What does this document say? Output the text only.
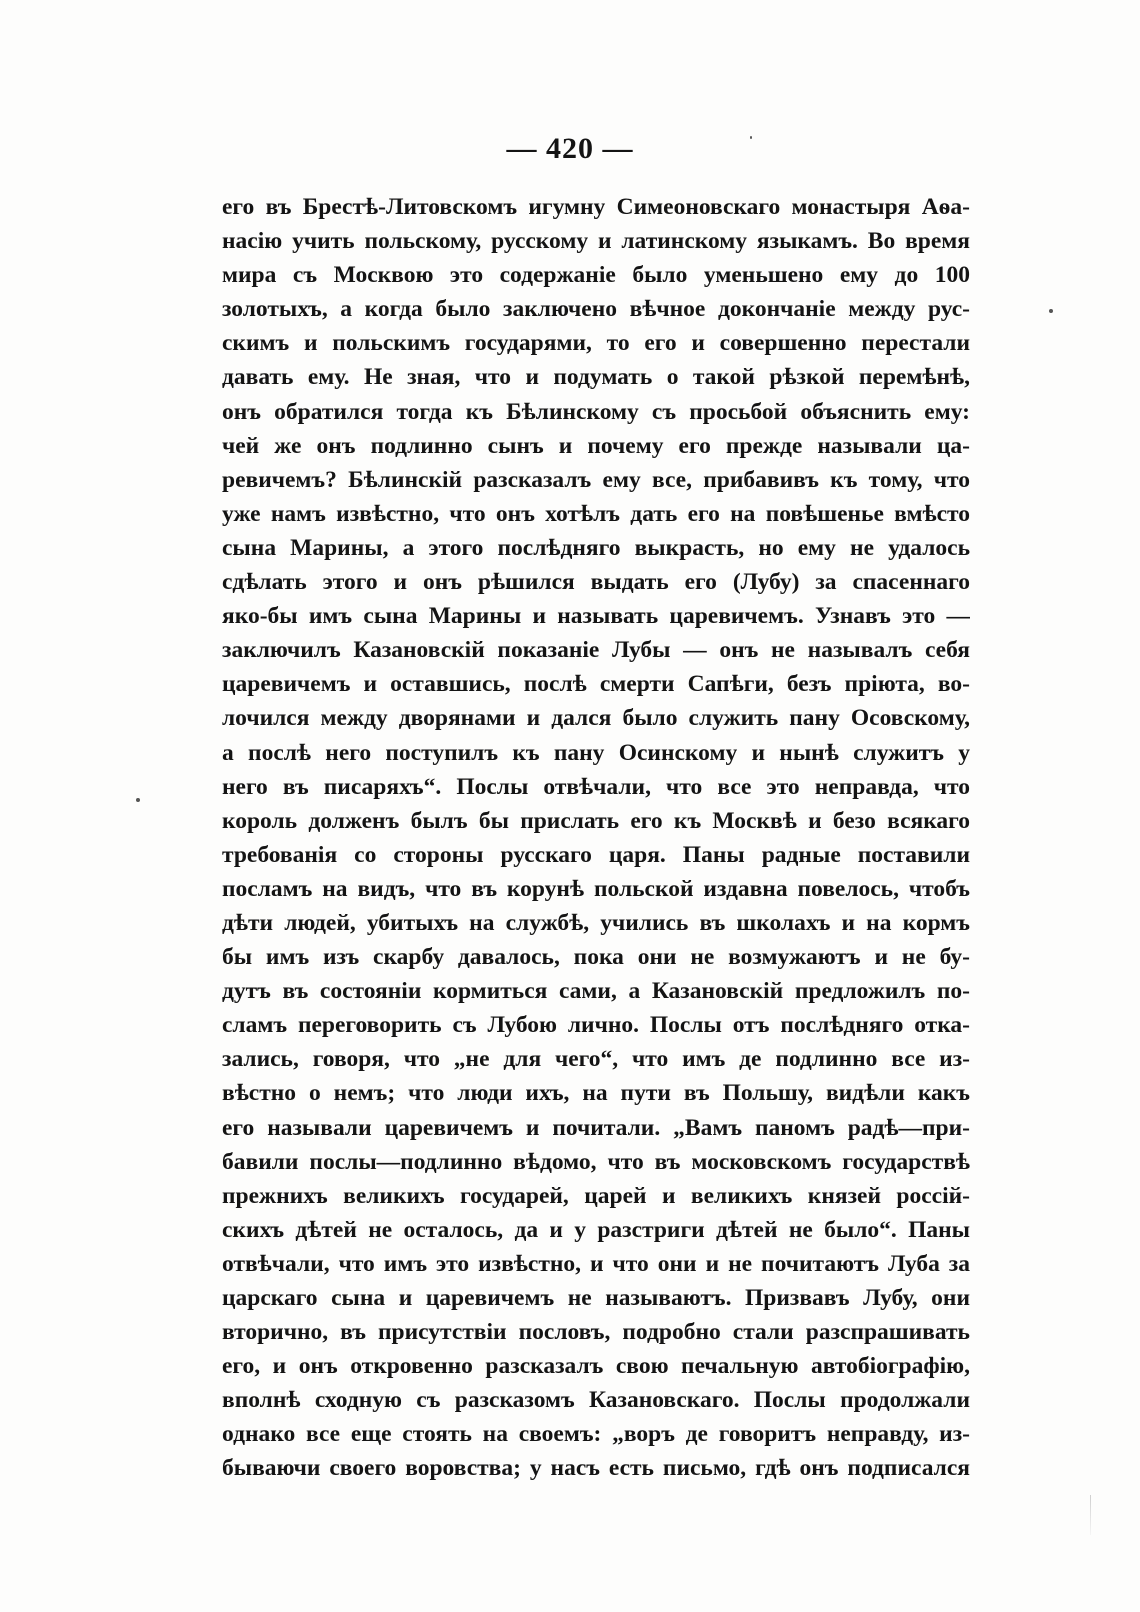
— 420 —
его въ Брестѣ-Литовскомъ игумну Симеоновскаго монастыря Аѳа-
насію учить польскому, русскому и латинскому языкамъ. Во время
мира съ Москвою это содержаніе было уменьшено ему до 100
золотыхъ, а когда было заключено вѣчное докончаніе между рус-
скимъ и польскимъ государями, то его и совершенно перестали
давать ему. Не зная, что и подумать о такой рѣзкой перемѣнѣ,
онъ обратился тогда къ Бѣлинскому съ просьбой объяснить ему:
чей же онъ подлинно сынъ и почему его прежде называли ца-
ревичемъ? Бѣлинскій разсказалъ ему все, прибавивъ къ тому, что
уже намъ извѣстно, что онъ хотѣлъ дать его на повѣшенье вмѣсто
сына Марины, а этого послѣдняго выкрасть, но ему не удалось
сдѣлать этого и онъ рѣшился выдать его (Лубу) за спасеннаго
яко-бы имъ сына Марины и называть царевичемъ. Узнавъ это —
заключилъ Казановскій показаніе Лубы — онъ не называлъ себя
царевичемъ и оставшись, послѣ смерти Сапѣги, безъ пріюта, во-
лочился между дворянами и дался было служить пану Осовскому,
а послѣ него поступилъ къ пану Осинскому и нынѣ служитъ у
него въ писаряхъ“. Послы отвѣчали, что все это неправда, что
король долженъ былъ бы прислать его къ Москвѣ и безо всякаго
требованія со стороны русскаго царя. Паны радные поставили
посламъ на видъ, что въ корунѣ польской издавна повелось, чтобъ
дѣти людей, убитыхъ на службѣ, учились въ школахъ и на кормъ
бы имъ изъ скарбу давалось, пока они не возмужаютъ и не бу-
дутъ въ состояніи кормиться сами, а Казановскій предложилъ по-
сламъ переговорить съ Лубою лично. Послы отъ послѣдняго отка-
зались, говоря, что „не для чего“, что имъ де подлинно все из-
вѣстно о немъ; что люди ихъ, на пути въ Польшу, видѣли какъ
его называли царевичемъ и почитали. „Вамъ паномъ радѣ—при-
бавили послы—подлинно вѣдомо, что въ московскомъ государствѣ
прежнихъ великихъ государей, царей и великихъ князей россій-
скихъ дѣтей не осталось, да и у разстриги дѣтей не было“. Паны
отвѣчали, что имъ это извѣстно, и что они и не почитаютъ Луба за
царскаго сына и царевичемъ не называютъ. Призвавъ Лубу, они
вторично, въ присутствіи пословъ, подробно стали разспрашивать
его, и онъ откровенно разсказалъ свою печальную автобіографію,
вполнѣ сходную съ разсказомъ Казановскаго. Послы продолжали
однако все еще стоять на своемъ: „воръ де говоритъ неправду, из-
бываючи своего воровства; у насъ есть письмо, гдѣ онъ подписался
